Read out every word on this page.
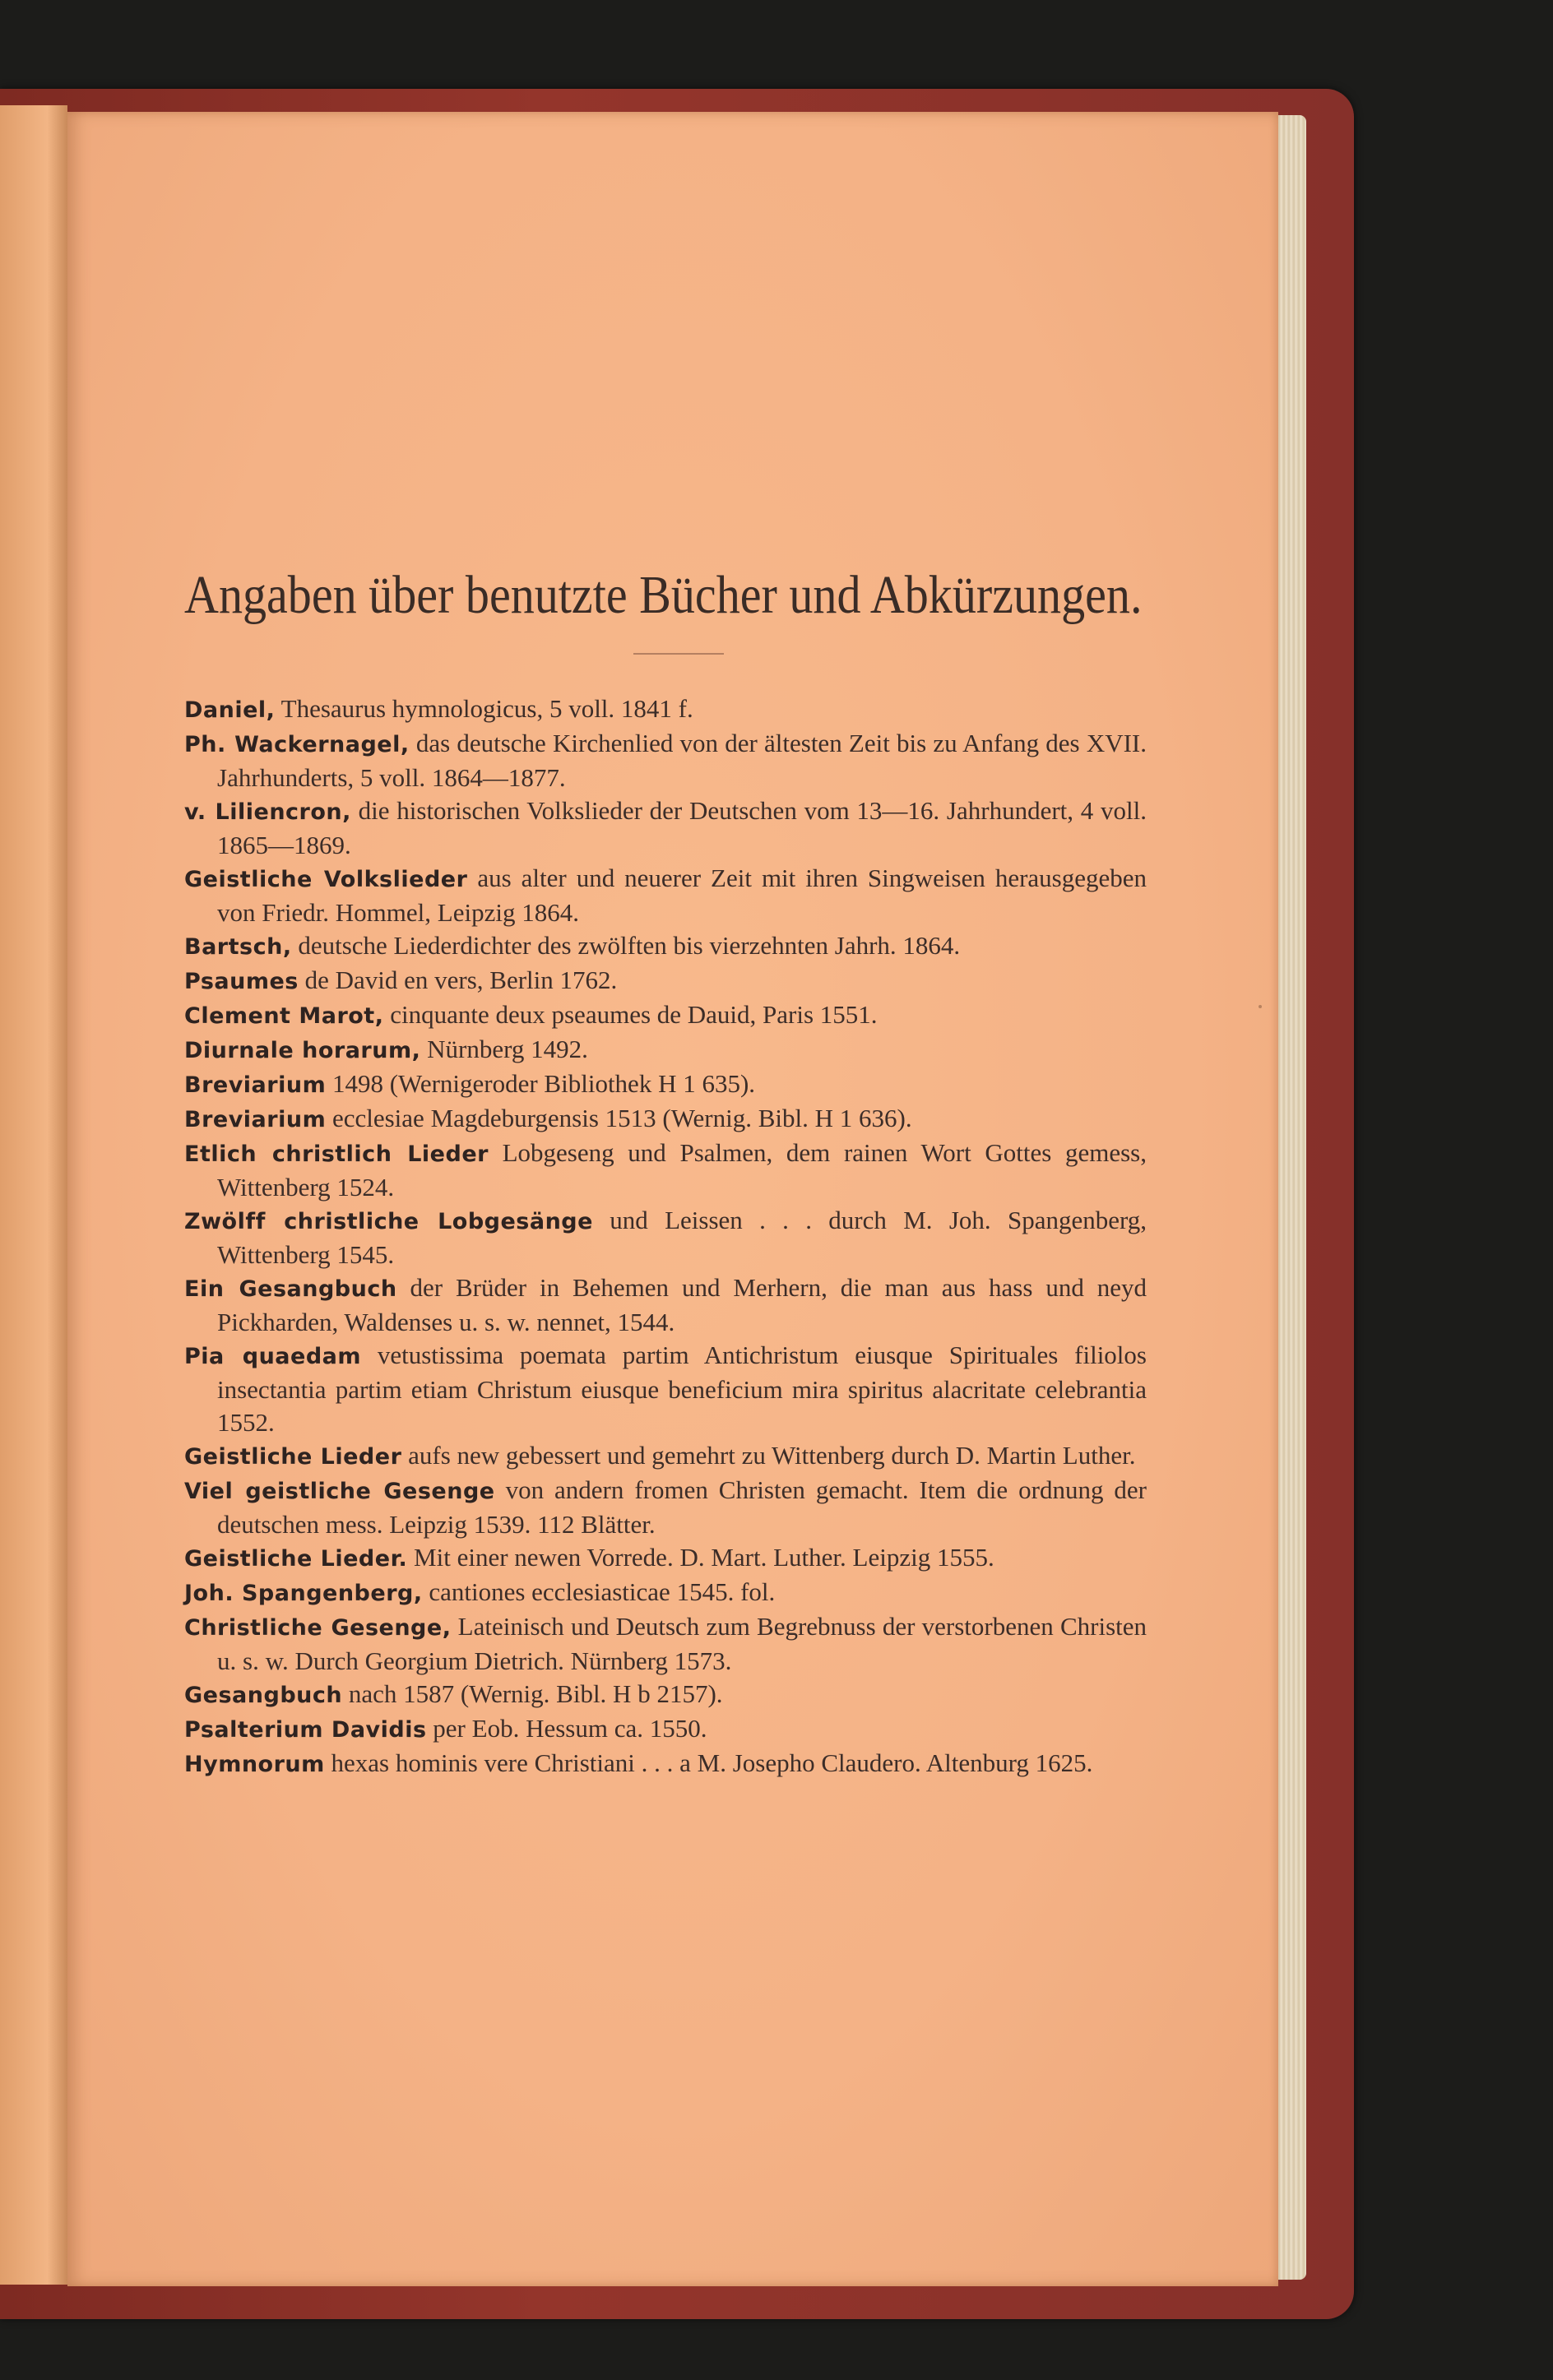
Angaben über benutzte Bücher und Abkürzungen.
Daniel, Thesaurus hymnologicus, 5 voll. 1841 f.
Ph. Wackernagel, das deutsche Kirchenlied von der ältesten Zeit bis zu Anfang des XVII. Jahrhunderts, 5 voll. 1864—1877.
v. Liliencron, die historischen Volkslieder der Deutschen vom 13—16. Jahrhundert, 4 voll. 1865—1869.
Geistliche Volkslieder aus alter und neuerer Zeit mit ihren Singweisen herausgegeben von Friedr. Hommel, Leipzig 1864.
Bartsch, deutsche Liederdichter des zwölften bis vierzehnten Jahrh. 1864.
Psaumes de David en vers, Berlin 1762.
Clement Marot, cinquante deux pseaumes de Dauid, Paris 1551.
Diurnale horarum, Nürnberg 1492.
Breviarium 1498 (Wernigeroder Bibliothek H 1 635).
Breviarium ecclesiae Magdeburgensis 1513 (Wernig. Bibl. H 1 636).
Etlich christlich Lieder Lobgeseng und Psalmen, dem rainen Wort Gottes gemess, Wittenberg 1524.
Zwölff christliche Lobgesänge und Leissen . . . durch M. Joh. Spangenberg, Wittenberg 1545.
Ein Gesangbuch der Brüder in Behemen und Merhern, die man aus hass und neyd Pickharden, Waldenses u. s. w. nennet, 1544.
Pia quaedam vetustissima poemata partim Antichristum eiusque Spirituales filiolos insectantia partim etiam Christum eiusque beneficium mira spiritus alacritate celebrantia 1552.
Geistliche Lieder aufs new gebessert und gemehrt zu Wittenberg durch D. Martin Luther.
Viel geistliche Gesenge von andern fromen Christen gemacht. Item die ordnung der deutschen mess. Leipzig 1539. 112 Blätter.
Geistliche Lieder. Mit einer newen Vorrede. D. Mart. Luther. Leipzig 1555.
Joh. Spangenberg, cantiones ecclesiasticae 1545. fol.
Christliche Gesenge, Lateinisch und Deutsch zum Begrebnuss der verstorbenen Christen u. s. w. Durch Georgium Dietrich. Nürnberg 1573.
Gesangbuch nach 1587 (Wernig. Bibl. H b 2157).
Psalterium Davidis per Eob. Hessum ca. 1550.
Hymnorum hexas hominis vere Christiani . . . a M. Josepho Claudero. Altenburg 1625.
